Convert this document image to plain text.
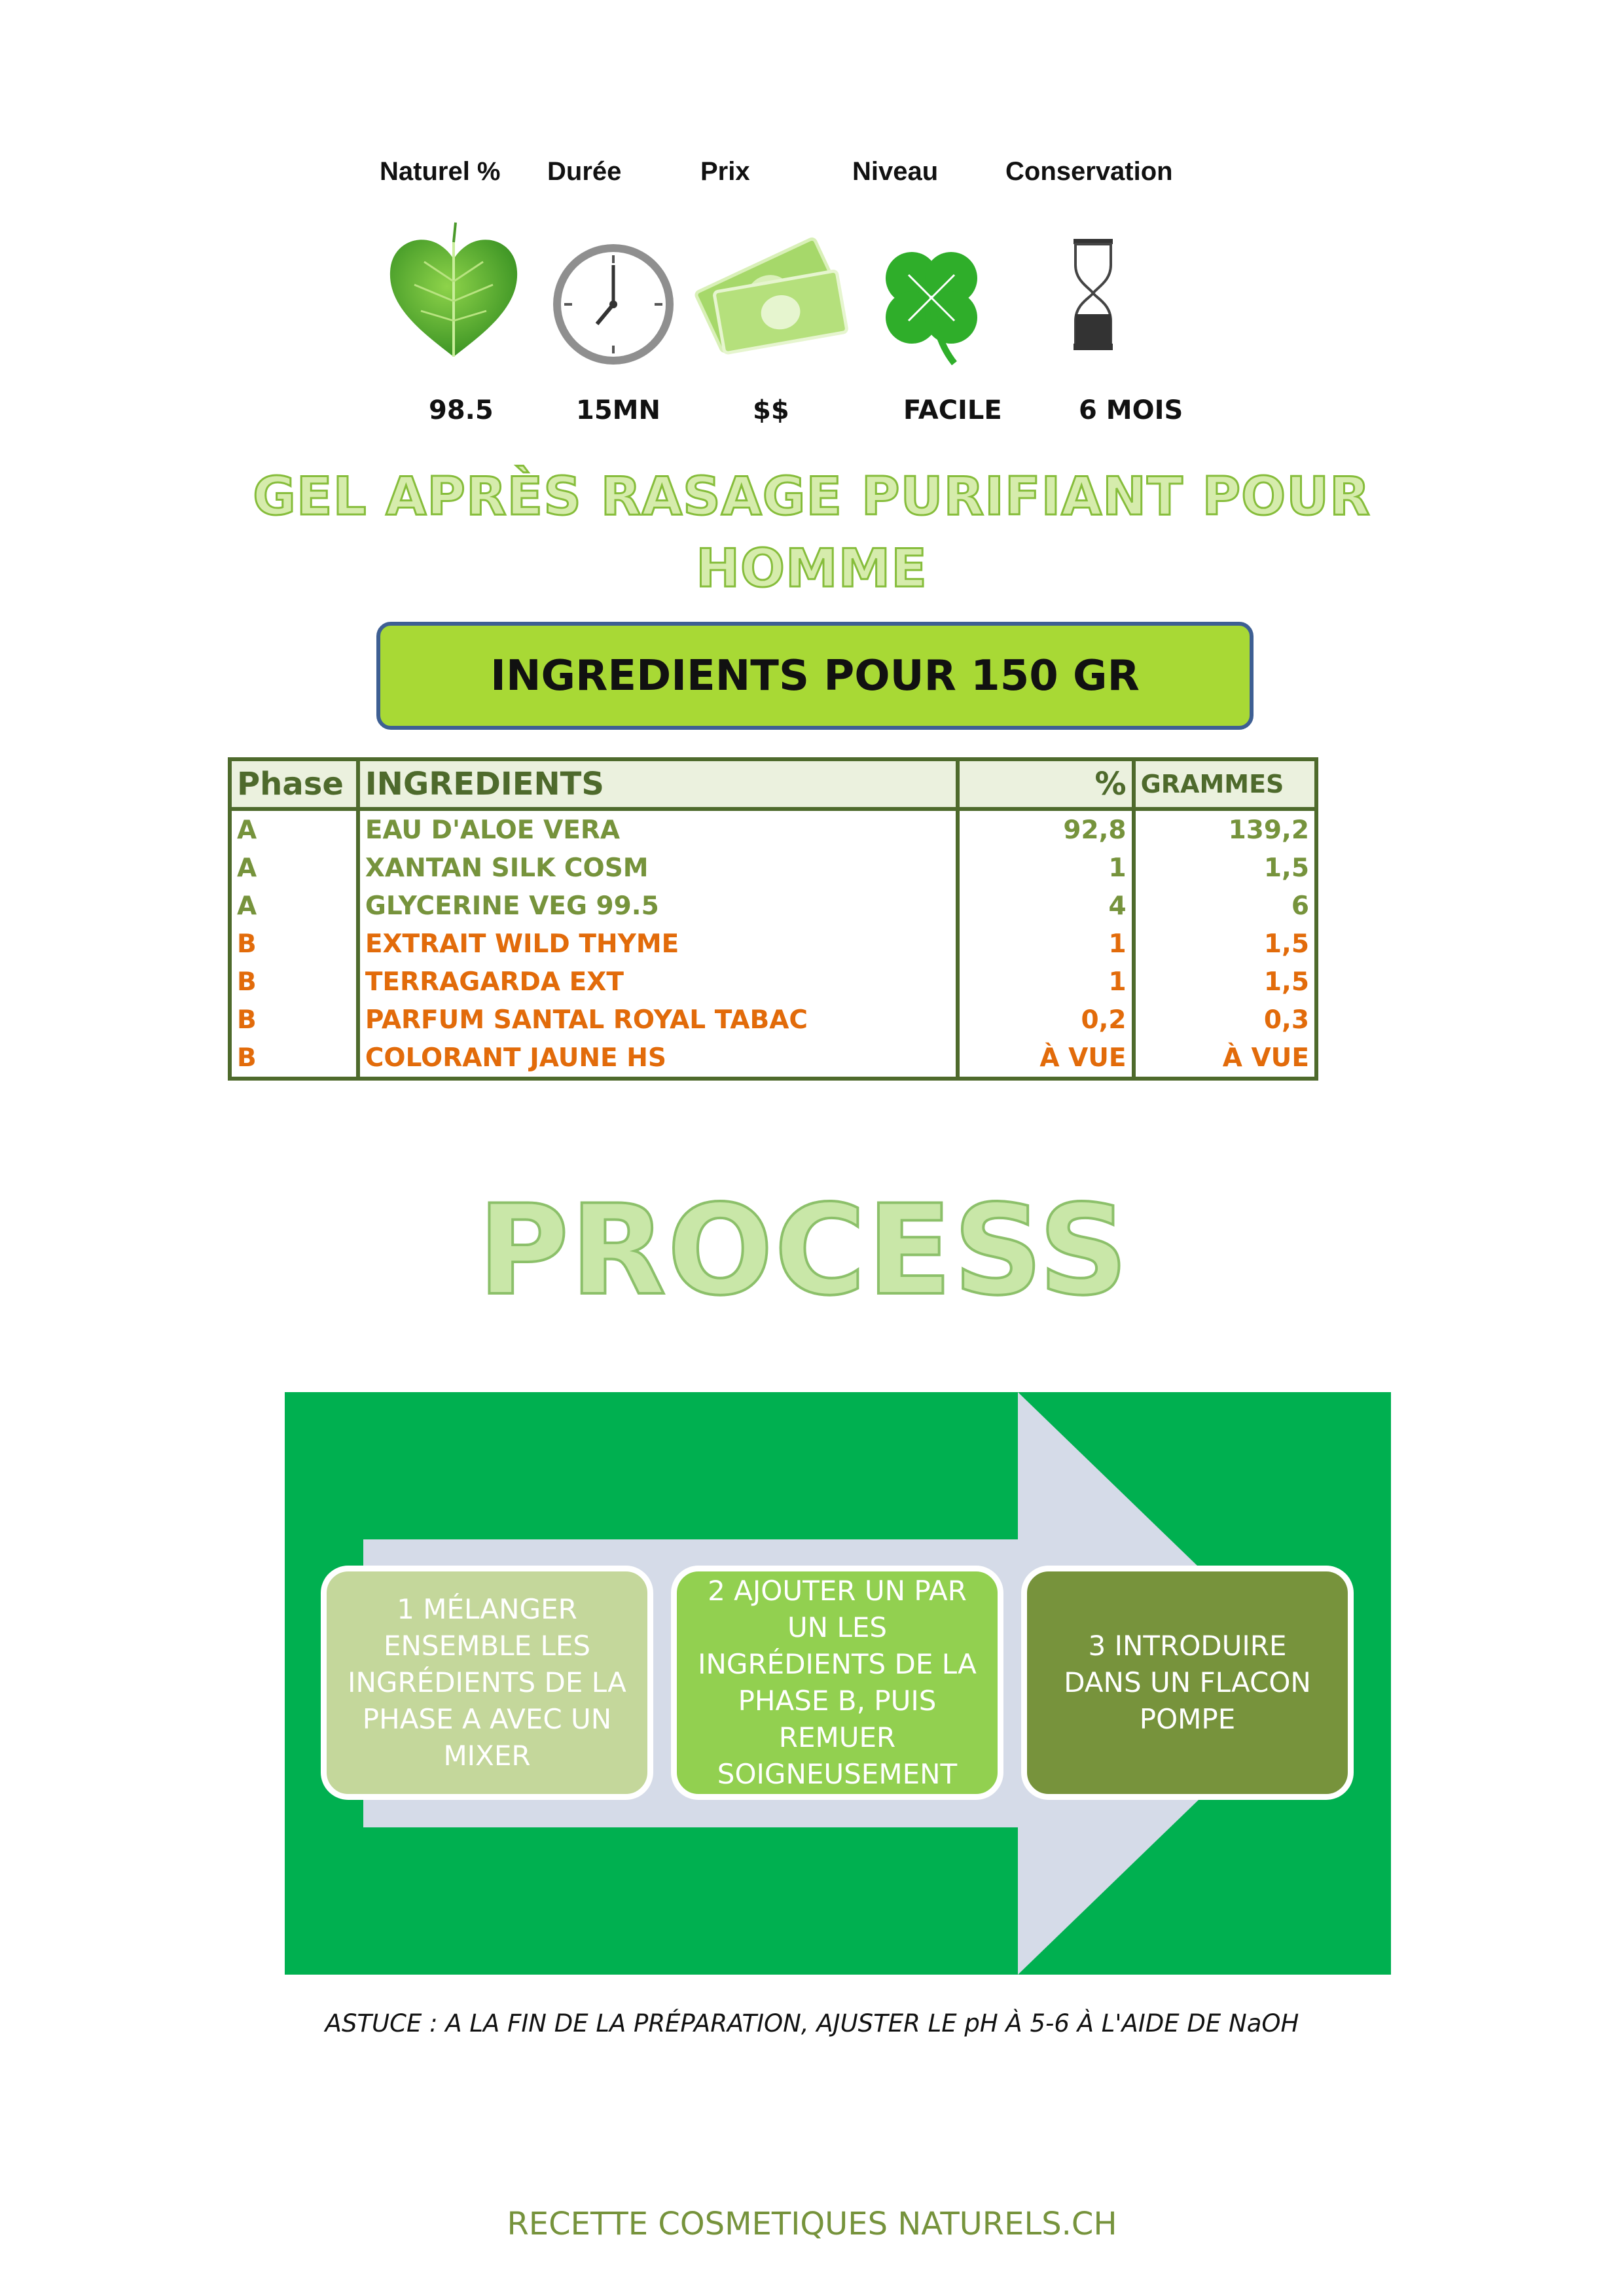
Naturel % Durée	Prix	Niveau	Conservation
98.5	15MN	$$	FACILE	6 MOIS
GEL APRÈS RASAGE PURIFIANT POUR
HOMME
INGREDIENTS POUR 150 GR
Phase	INGREDIENTS	%	GRAMMES
A	EAU D'ALOE VERA	92,8	139,2
A	XANTAN SILK COSM	1	1,5
A	GLYCERINE VEG 99.5	4	6
B	EXTRAIT WILD THYME	1	1,5
B	TERRAGARDA EXT	1	1,5
B	PARFUM SANTAL ROYAL TABAC	0,2	0,3
B	COLORANT JAUNE HS	À VUE	À VUE
PROCESS
1 MÉLANGER ENSEMBLE LES INGRÉDIENTS DE LA PHASE A AVEC UN MIXER
2 AJOUTER UN PAR UN LES INGRÉDIENTS DE LA PHASE B, PUIS REMUER SOIGNEUSEMENT
3 INTRODUIRE DANS UN FLACON POMPE
ASTUCE : A LA FIN DE LA PRÉPARATION, AJUSTER LE pH À 5-6 À L'AIDE DE NaOH
RECETTE COSMETIQUES NATURELS.CH
